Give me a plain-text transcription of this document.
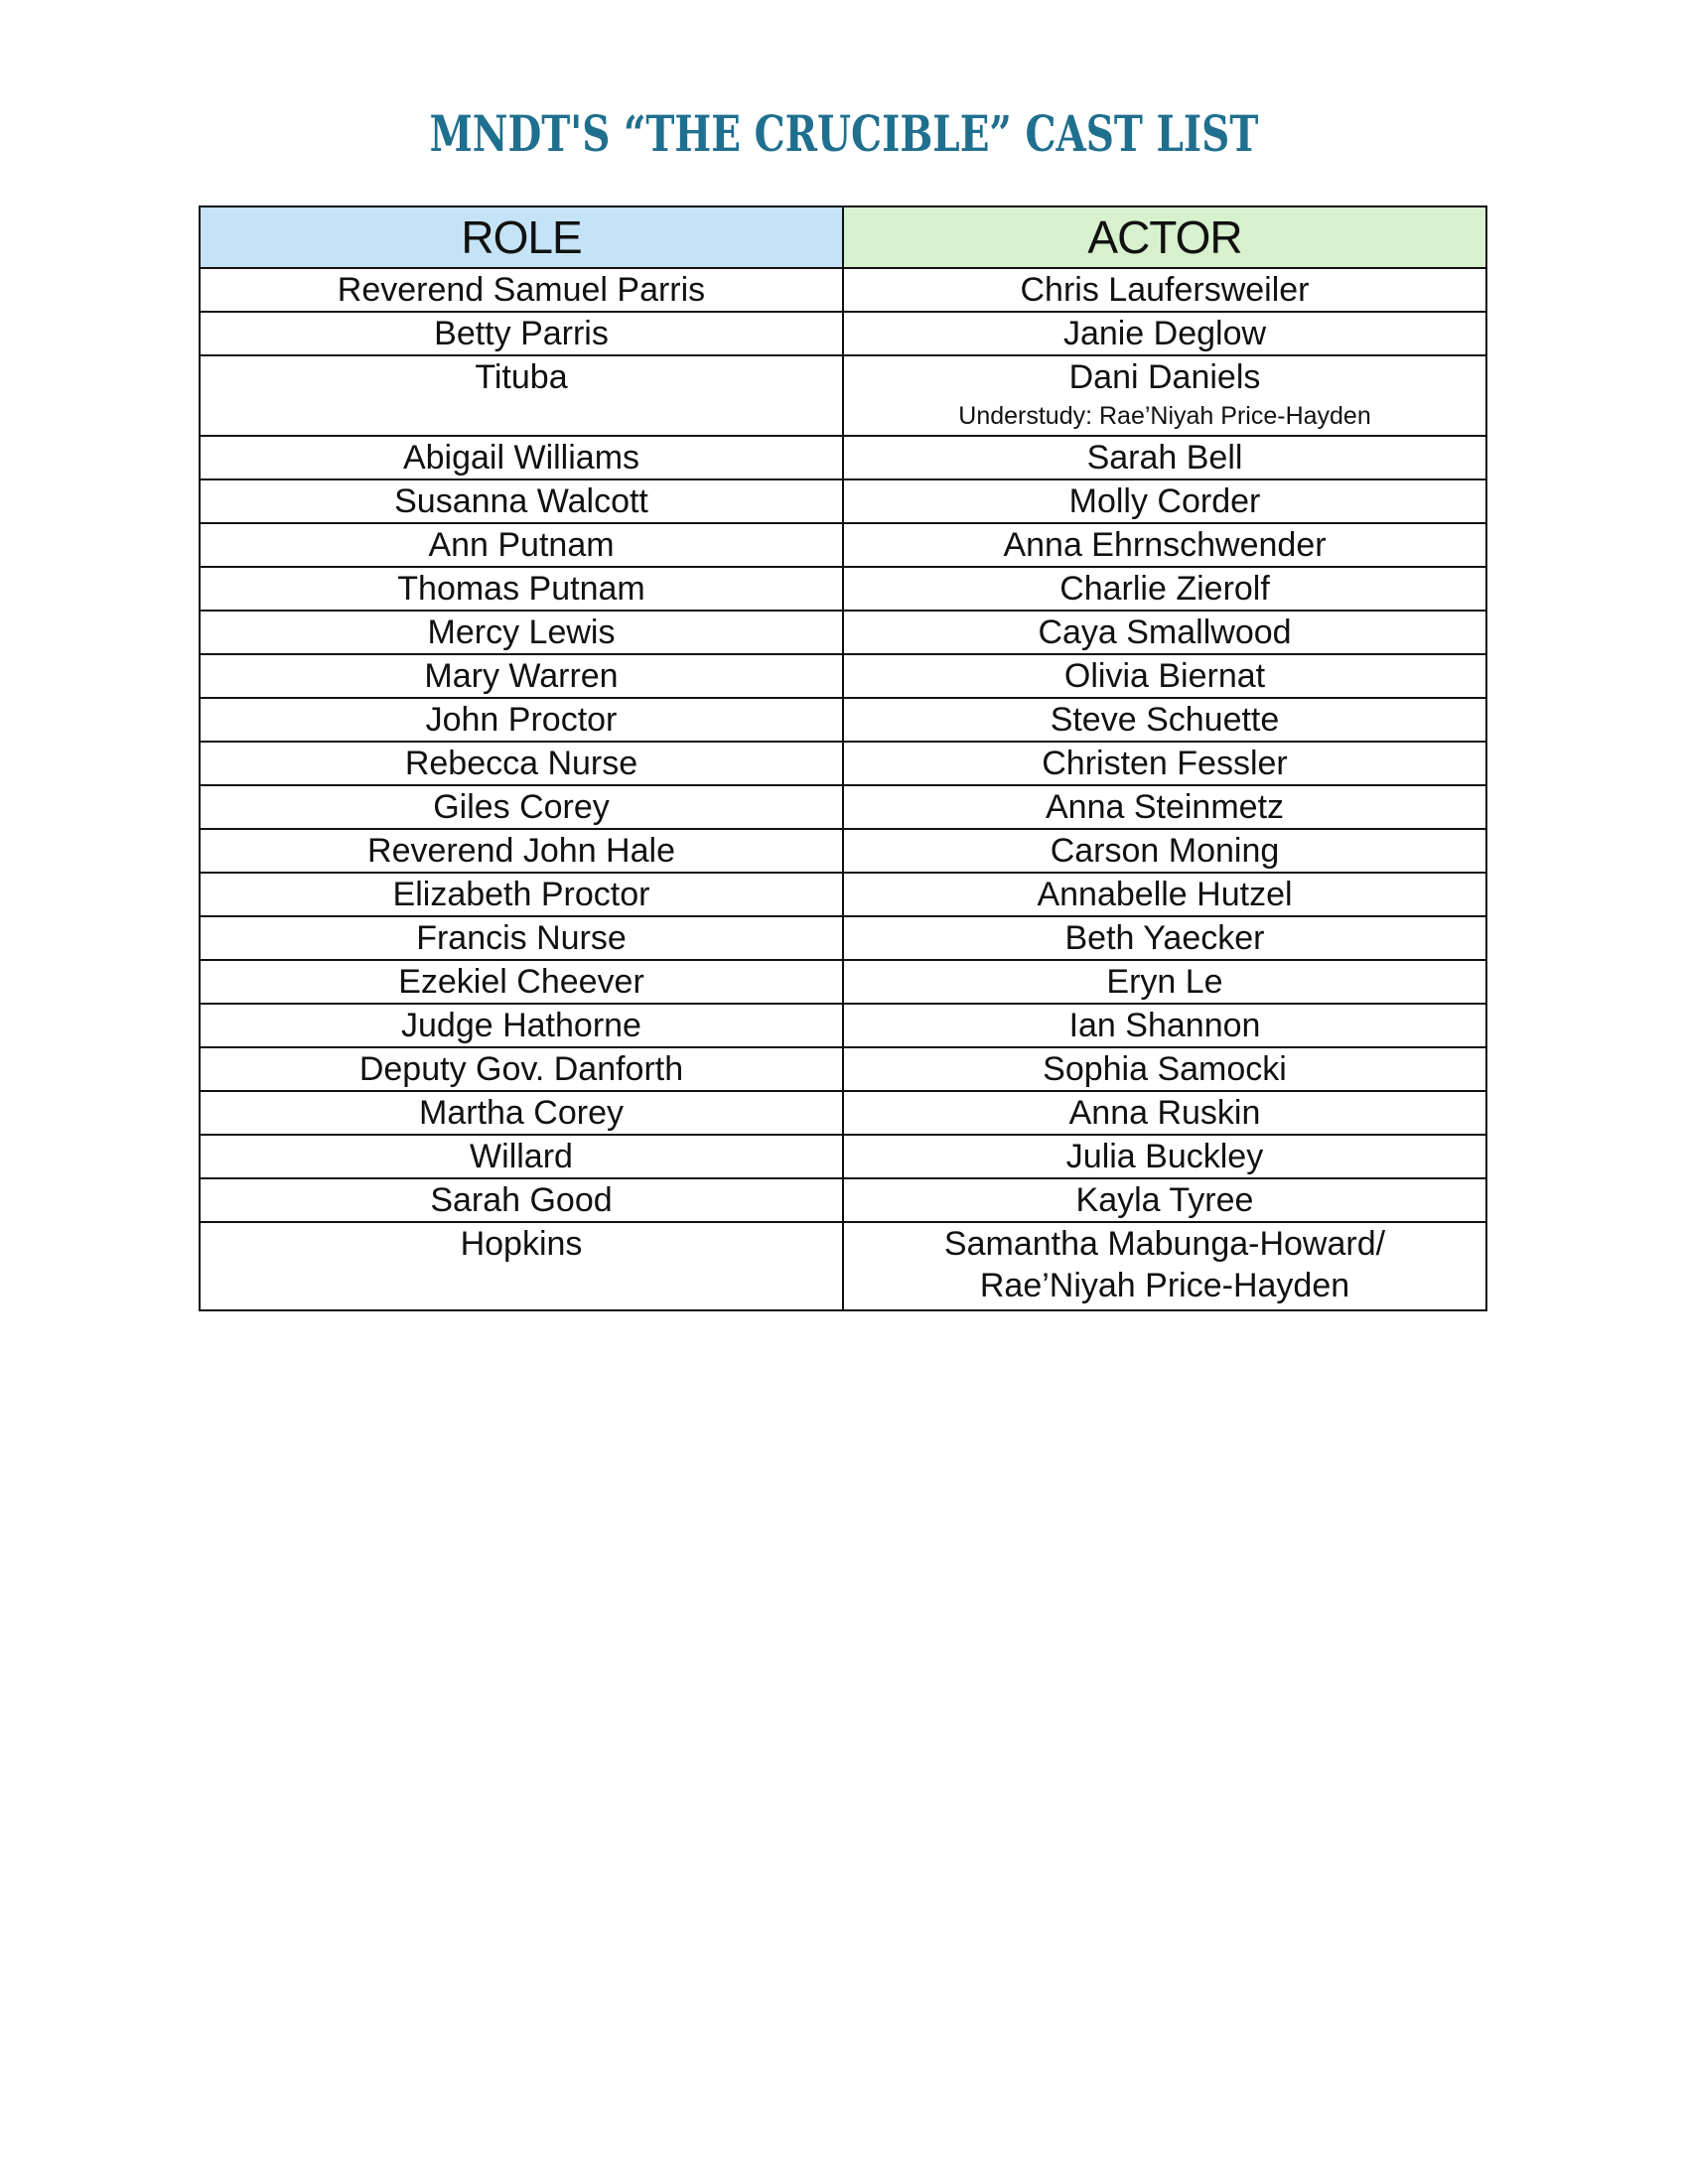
MNDT'S “THE CRUCIBLE” CAST LIST
ROLE	ACTOR
Reverend Samuel Parris	Chris Laufersweiler
Betty Parris	Janie Deglow
Tituba	Dani Daniels
Understudy: Rae’Niyah Price-Hayden

Abigail Williams	Sarah Bell
Susanna Walcott	Molly Corder
Ann Putnam	Anna Ehrnschwender
Thomas Putnam	Charlie Zierolf
Mercy Lewis	Caya Smallwood
Mary Warren	Olivia Biernat
John Proctor	Steve Schuette
Rebecca Nurse	Christen Fessler
Giles Corey	Anna Steinmetz
Reverend John Hale	Carson Moning
Elizabeth Proctor	Annabelle Hutzel
Francis Nurse	Beth Yaecker
Ezekiel Cheever	Eryn Le
Judge Hathorne	Ian Shannon
Deputy Gov. Danforth	Sophia Samocki
Martha Corey	Anna Ruskin
Willard	Julia Buckley
Sarah Good	Kayla Tyree
Hopkins	Samantha Mabunga-Howard/
Rae’Niyah Price-Hayden
